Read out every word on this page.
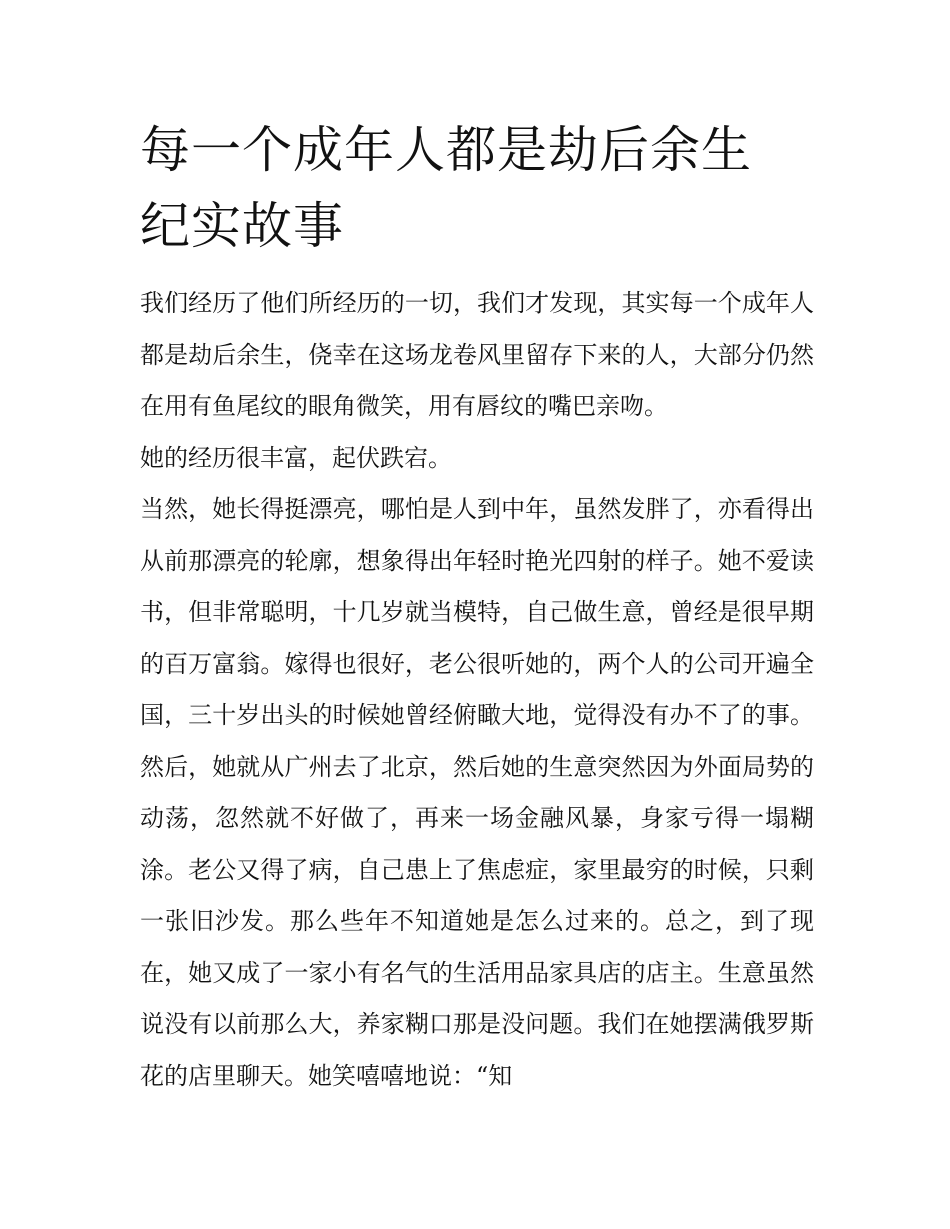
每一个成年人都是劫后余生纪实故事

我们经历了他们所经历的一切，我们才发现，其实每一个成年人都是劫后余生，侥幸在这场龙卷风里留存下来的人，大部分仍然在用有鱼尾纹的眼角微笑，用有唇纹的嘴巴亲吻。

她的经历很丰富，起伏跌宕。

当然，她长得挺漂亮，哪怕是人到中年，虽然发胖了，亦看得出从前那漂亮的轮廓，想象得出年轻时艳光四射的样子。她不爱读书，但非常聪明，十几岁就当模特，自己做生意，曾经是很早期的百万富翁。嫁得也很好，老公很听她的，两个人的公司开遍全国，三十岁出头的时候她曾经俯瞰大地，觉得没有办不了的事。然后，她就从广州去了北京，然后她的生意突然因为外面局势的动荡，忽然就不好做了，再来一场金融风暴，身家亏得一塌糊涂。老公又得了病，自己患上了焦虑症，家里最穷的时候，只剩一张旧沙发。那么些年不知道她是怎么过来的。总之，到了现在，她又成了一家小有名气的生活用品家具店的店主。生意虽然说没有以前那么大，养家糊口那是没问题。我们在她摆满俄罗斯花的店里聊天。她笑嘻嘻地说：“知
